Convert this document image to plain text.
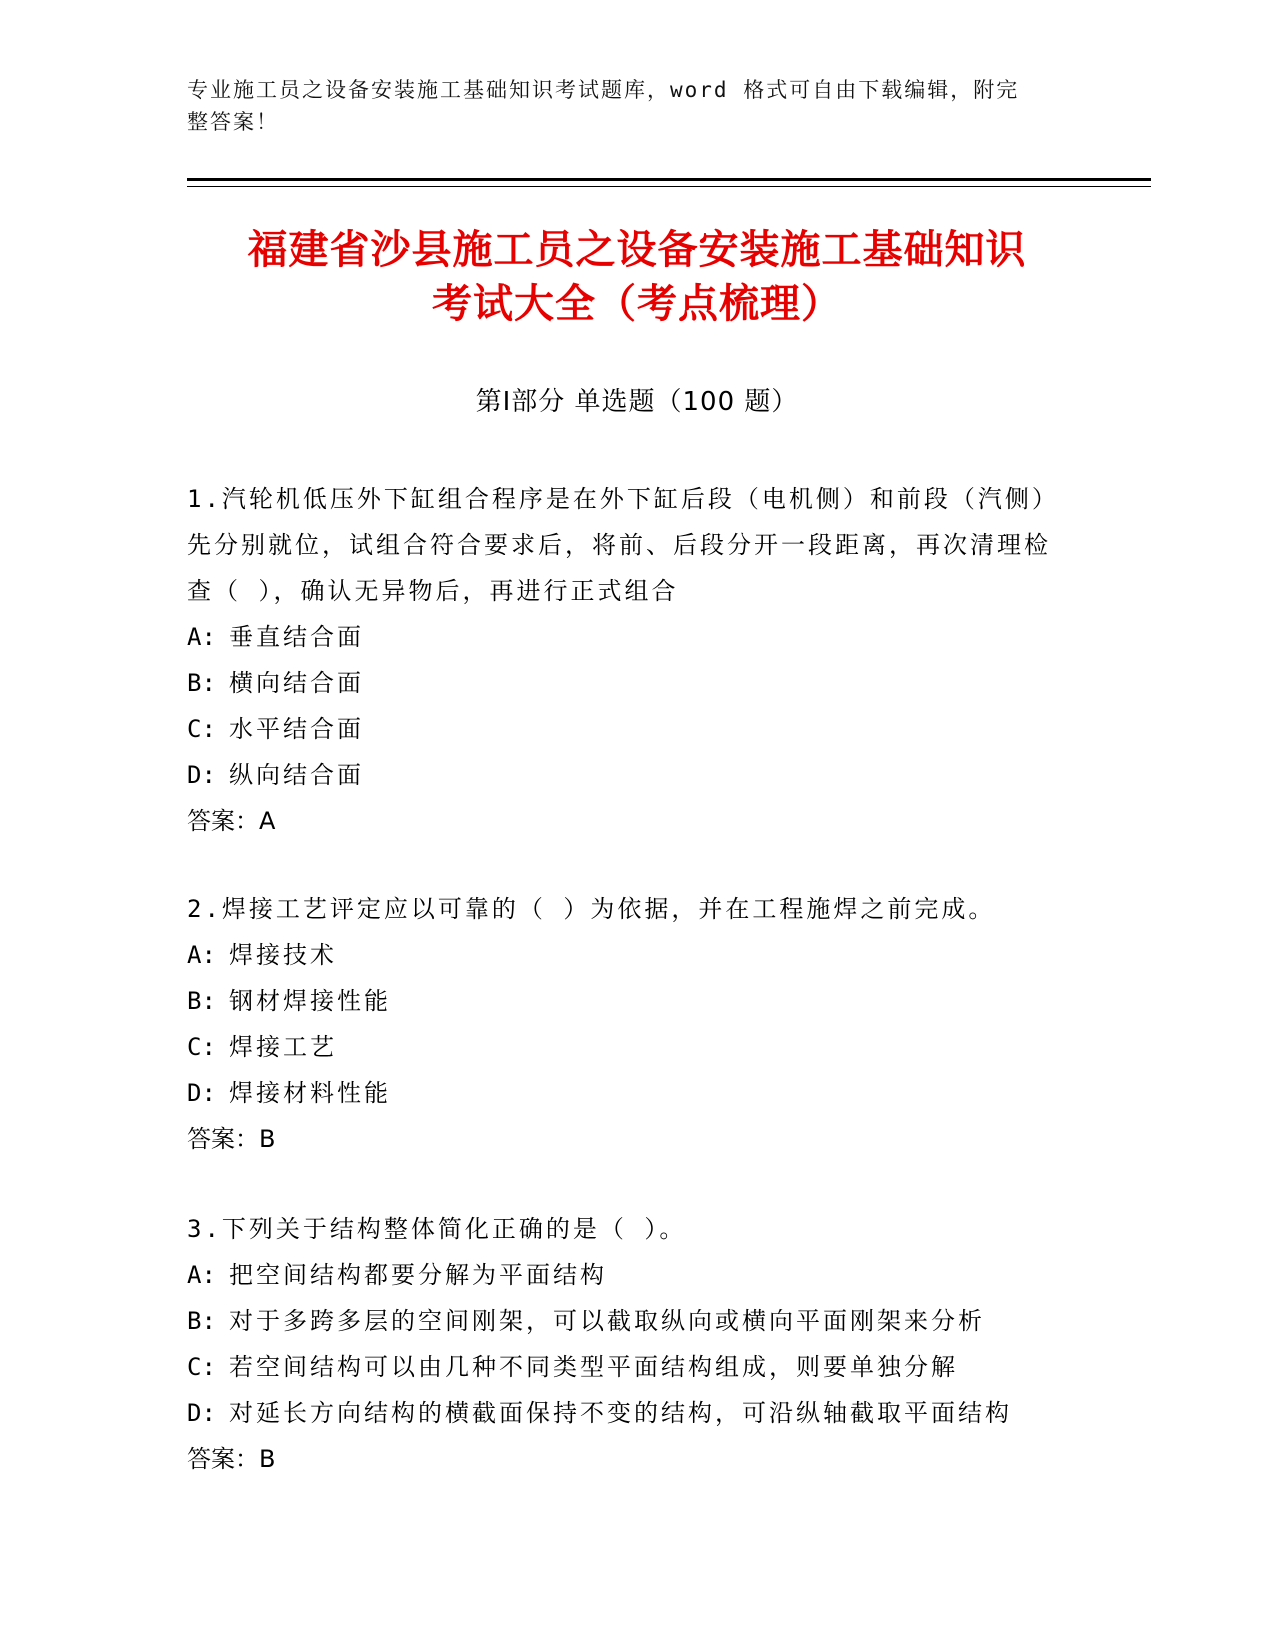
专业施工员之设备安装施工基础知识考试题库，word 格式可自由下载编辑，附完
整答案！
福建省沙县施工员之设备安装施工基础知识
考试大全（考点梳理）
第Ⅰ部分 单选题（100 题）

1.汽轮机低压外下缸组合程序是在外下缸后段（电机侧）和前段（汽侧）先分别就位，试组合符合要求后，将前、后段分开一段距离，再次清理检查（ ），确认无异物后，再进行正式组合

A: 垂直结合面

B: 横向结合面

C: 水平结合面

D: 纵向结合面

答案：A

2.焊接工艺评定应以可靠的（ ）为依据，并在工程施焊之前完成。

A: 焊接技术

B: 钢材焊接性能

C: 焊接工艺

D: 焊接材料性能

答案：B

3.下列关于结构整体简化正确的是（ ）。

A: 把空间结构都要分解为平面结构

B: 对于多跨多层的空间刚架，可以截取纵向或横向平面刚架来分析

C: 若空间结构可以由几种不同类型平面结构组成，则要单独分解

D: 对延长方向结构的横截面保持不变的结构，可沿纵轴截取平面结构

答案：B
